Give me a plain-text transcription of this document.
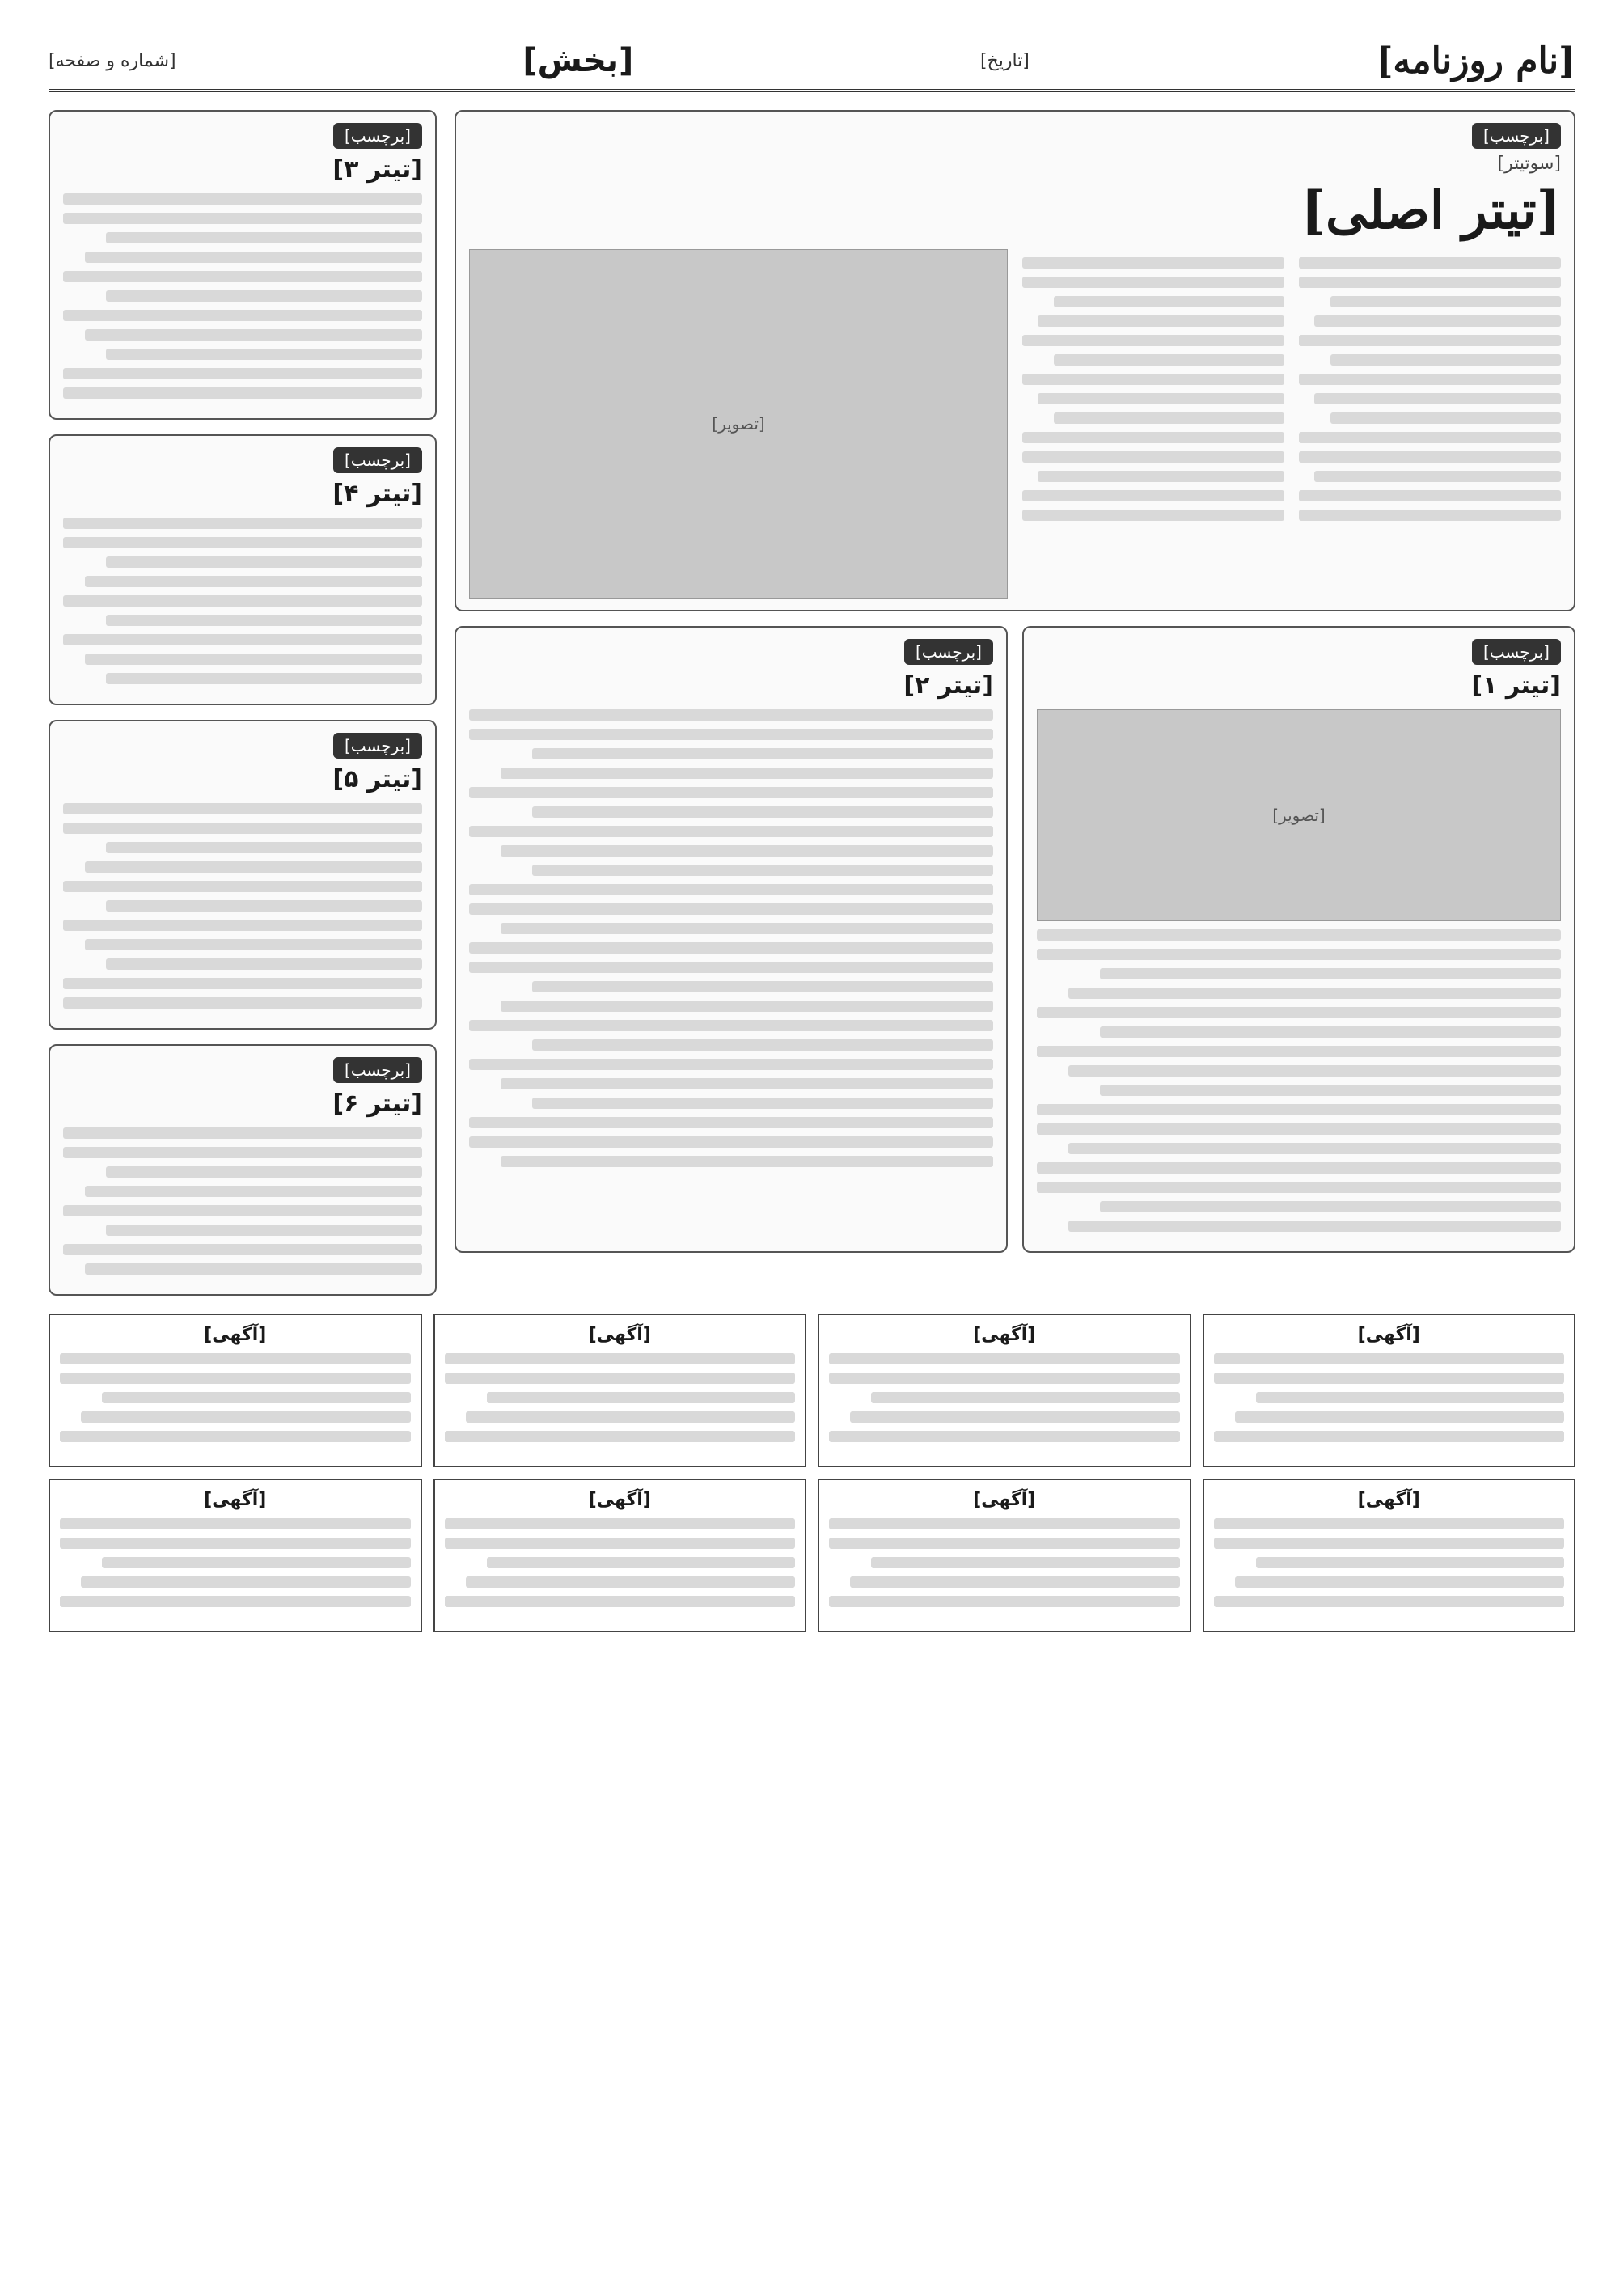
[نام روزنامه]
[تاریخ]
[بخش]
[شماره و صفحه]
[برچسب]
[سوتیتر]
[تیتر اصلی]
[تصویر]
[برچسب]
[تیتر ۱]
[تصویر]
[برچسب]
[تیتر ۲]
[برچسب]
[تیتر ۳]
[برچسب]
[تیتر ۴]
[برچسب]
[تیتر ۵]
[برچسب]
[تیتر ۶]
[آگهی]
[آگهی]
[آگهی]
[آگهی]
[آگهی]
[آگهی]
[آگهی]
[آگهی]
